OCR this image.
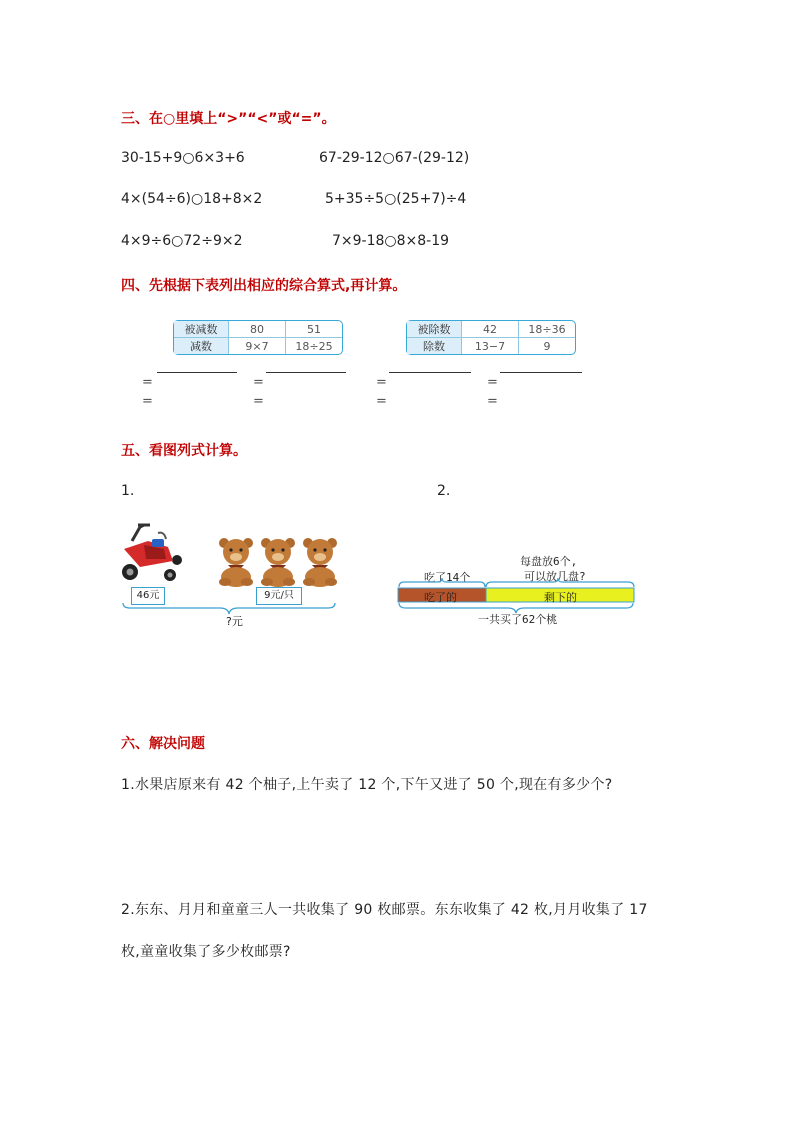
三、在○里填上“>”“<”或“=”。
30-15+9○6×3+6	67-29-12○67-(29-12)
4×(54÷6)○18+8×2	5+35÷5○(25+7)÷4
4×9÷6○72÷9×2	7×9-18○8×8-19
四、先根据下表列出相应的综合算式,再计算。
被减数	80	51
减数	9×7	18÷25
被除数	42	18÷36
除数	13−7	9
=	=	=	=
=	=	=	=
五、看图列式计算。
1.	2.
46元	9元/只
?元
每盘放6个,
可以放几盘?
吃了14个
吃了的	剩下的
一共买了62个桃
六、解决问题
1.水果店原来有 42 个柚子,上午卖了 12 个,下午又进了 50 个,现在有多少个?
2.东东、月月和童童三人一共收集了 90 枚邮票。东东收集了 42 枚,月月收集了 17
枚,童童收集了多少枚邮票?
